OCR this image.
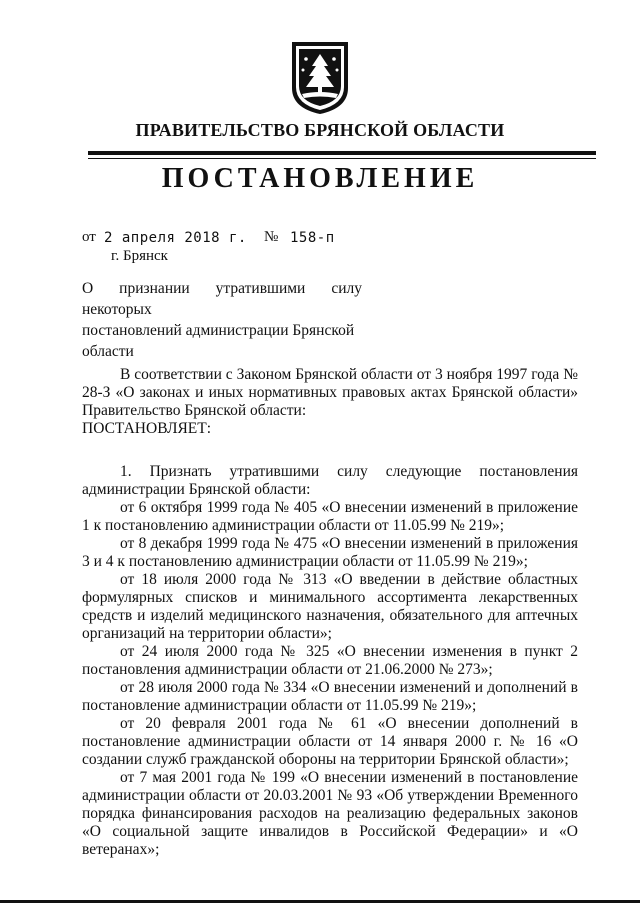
ПРАВИТЕЛЬСТВО БРЯНСКОЙ ОБЛАСТИ
ПОСТАНОВЛЕНИЕ
от 2 апреля 2018 г. № 158-п
г. Брянск
О признании утратившими силу некоторых
постановлений администрации Брянской
области

В соответствии с Законом Брянской области от 3 ноября 1997 года № 28-З «О законах и иных нормативных правовых актах Брянской области» Правительство Брянской области:

ПОСТАНОВЛЯЕТ:

1. Признать утратившими силу следующие постановления администрации Брянской области:

от 6 октября 1999 года № 405 «О внесении изменений в приложение 1 к постановлению администрации области от 11.05.99 № 219»;

от 8 декабря 1999 года № 475 «О внесении изменений в приложения 3 и 4 к постановлению администрации области от 11.05.99 № 219»;

от 18 июля 2000 года № 313 «О введении в действие областных формулярных списков и минимального ассортимента лекарственных средств и изделий медицинского назначения, обязательного для аптечных организаций на территории области»;

от 24 июля 2000 года № 325 «О внесении изменения в пункт 2 постановления администрации области от 21.06.2000 № 273»;

от 28 июля 2000 года № 334 «О внесении изменений и дополнений в постановление администрации области от 11.05.99 № 219»;

от 20 февраля 2001 года № 61 «О внесении дополнений в постановление администрации области от 14 января 2000 г. № 16 «О создании служб гражданской обороны на территории Брянской области»;

от 7 мая 2001 года № 199 «О внесении изменений в постановление администрации области от 20.03.2001 № 93 «Об утверждении Временного порядка финансирования расходов на реализацию федеральных законов «О социальной защите инвалидов в Российской Федерации» и «О ветеранах»;
